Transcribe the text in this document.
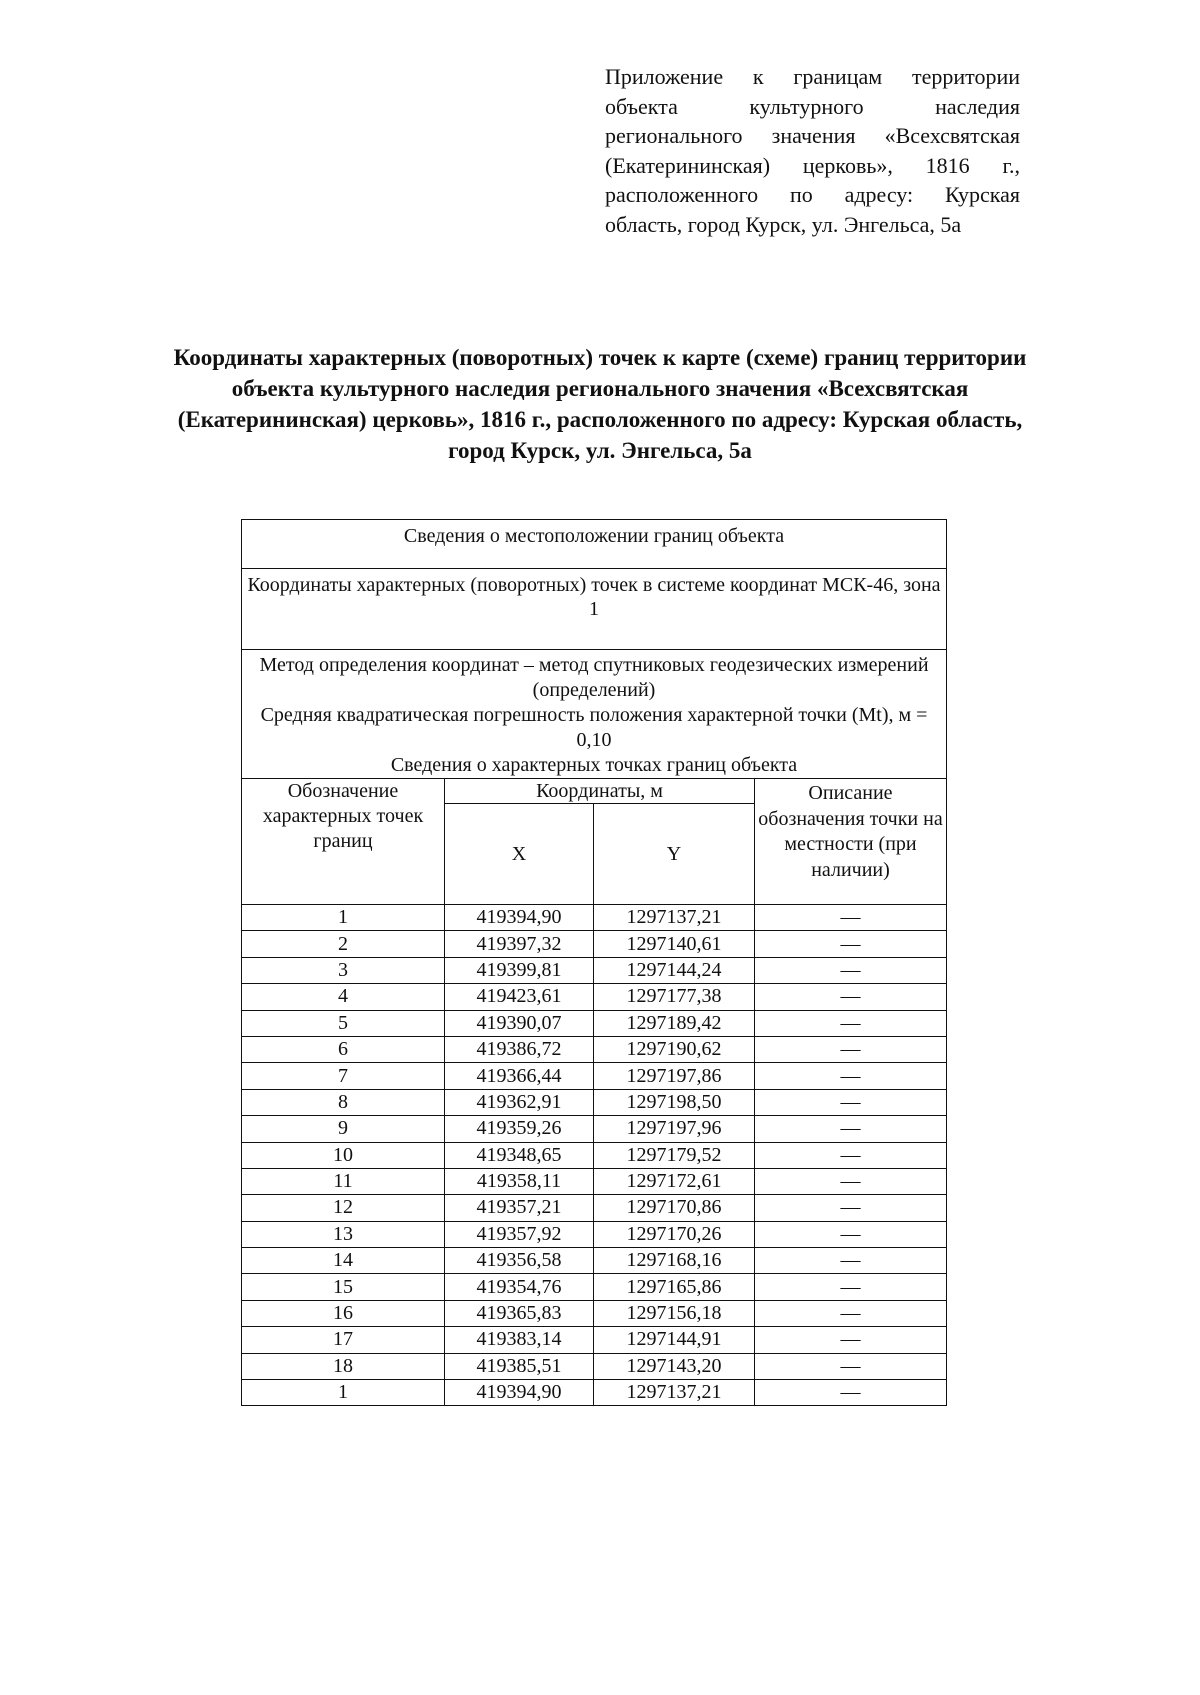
Приложение к границам территории объекта культурного наследия регионального значения «Всехсвятская (Екатерининская) церковь», 1816 г., расположенного по адресу: Курская область, город Курск, ул. Энгельса, 5а
Координаты характерных (поворотных) точек к карте (схеме) границ территории объекта культурного наследия регионального значения «Всехсвятская (Екатерининская) церковь», 1816 г., расположенного по адресу: Курская область, город Курск, ул. Энгельса, 5а
Сведения о местоположении границ объекта			
Координаты характерных (поворотных) точек в системе координат МСК-46, зона 1			

Метод определения координат – метод спутниковых геодезических измерений (определений)
Средняя квадратическая погрешность положения характерной точки (Mt), м = 0,10
Сведения о характерных точках границ объекта			

Обозначение характерных точек границ	Координаты, м		Описание обозначения точки на местности (при наличии)
	X	Y	
1	419394,90	1297137,21	—
2	419397,32	1297140,61	—
3	419399,81	1297144,24	—
4	419423,61	1297177,38	—
5	419390,07	1297189,42	—
6	419386,72	1297190,62	—
7	419366,44	1297197,86	—
8	419362,91	1297198,50	—
9	419359,26	1297197,96	—
10	419348,65	1297179,52	—
11	419358,11	1297172,61	—
12	419357,21	1297170,86	—
13	419357,92	1297170,26	—
14	419356,58	1297168,16	—
15	419354,76	1297165,86	—
16	419365,83	1297156,18	—
17	419383,14	1297144,91	—
18	419385,51	1297143,20	—
1	419394,90	1297137,21	—
